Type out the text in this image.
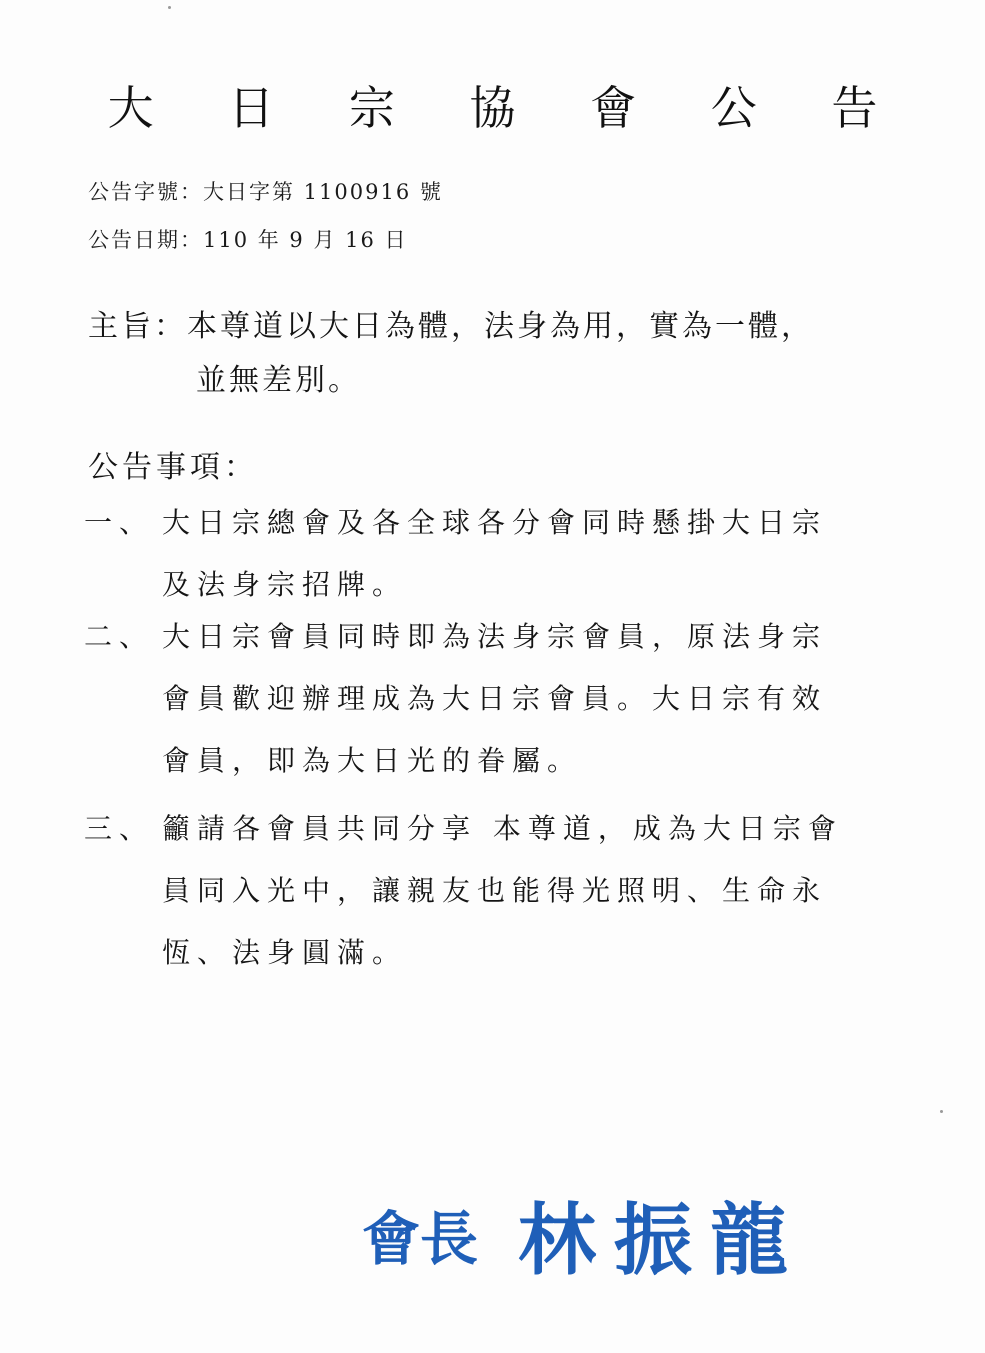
大 日 宗 協 會 公 告
公告字號：大日字第 1100916 號
公告日期：110 年 9 月 16 日
主旨：本尊道以大日為體，法身為用，實為一體，
並無差別。
公告事項：
一、 大日宗總會及各全球各分會同時懸掛大日宗及法身宗招牌。
二、 大日宗會員同時即為法身宗會員，原法身宗會員歡迎辦理成為大日宗會員。大日宗有效會員，即為大日光的眷屬。
三、 籲請各會員共同分享 本尊道，成為大日宗會員同入光中，讓親友也能得光照明、生命永恆、法身圓滿。
會長 林振龍
